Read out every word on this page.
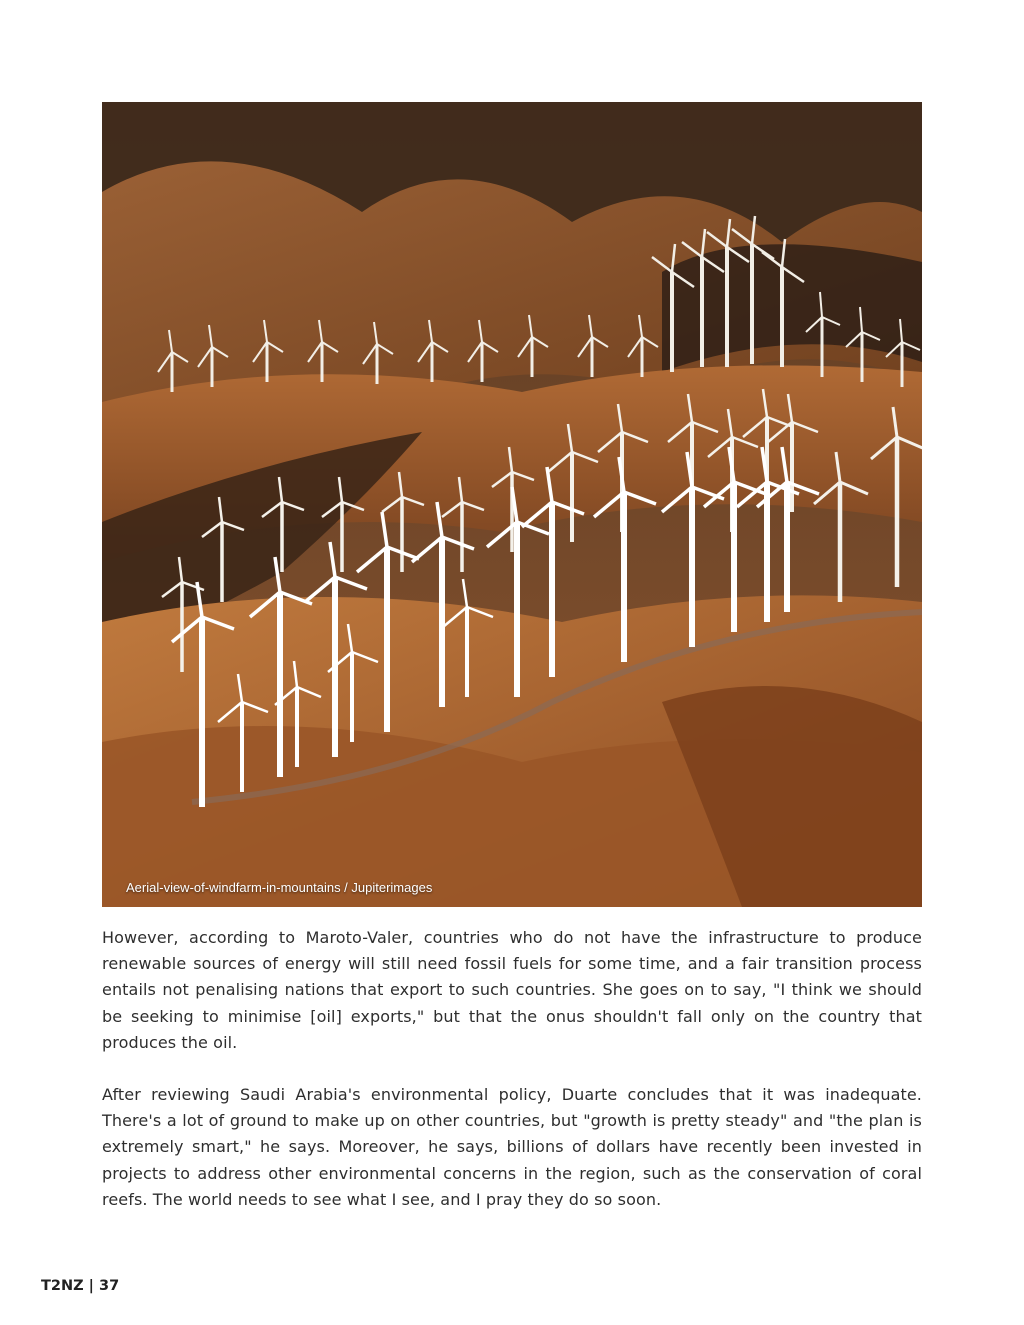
Aerial-view-of-windfarm-in-mountains / Jupiterimages

However, according to Maroto-Valer, countries who do not have the infrastructure to produce renewable sources of energy will still need fossil fuels for some time, and a fair transition process entails not penalising nations that export to such countries. She goes on to say, "I think we should be seeking to minimise [oil] exports," but that the onus shouldn't fall only on the country that produces the oil.

After reviewing Saudi Arabia's environmental policy, Duarte concludes that it was inadequate. There's a lot of ground to make up on other countries, but "growth is pretty steady" and "the plan is extremely smart," he says. Moreover, he says, billions of dollars have recently been invested in projects to address other environmental concerns in the region, such as the conservation of coral reefs. The world needs to see what I see, and I pray they do so soon.

T2NZ | 37
